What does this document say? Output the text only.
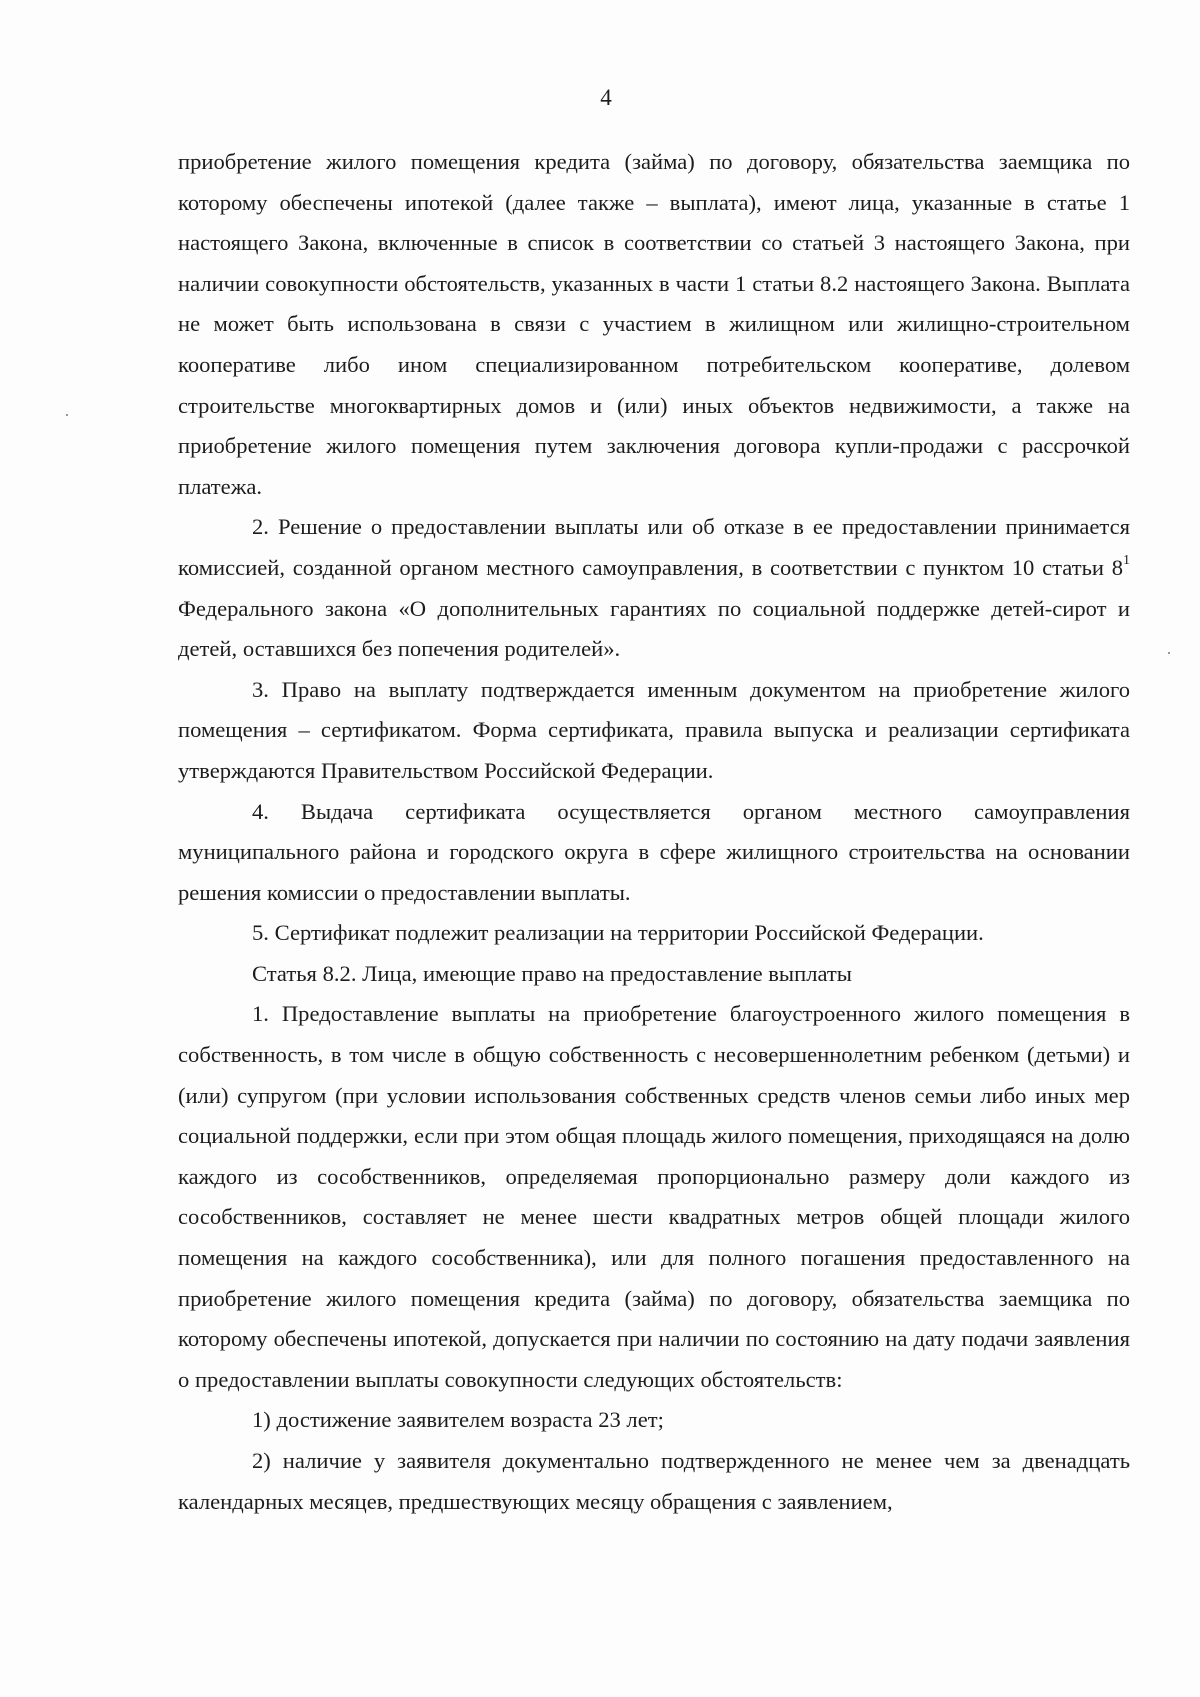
4

приобретение жилого помещения кредита (займа) по договору, обязательства заемщика по которому обеспечены ипотекой (далее также – выплата), имеют лица, указанные в статье 1 настоящего Закона, включенные в список в соответствии со статьей 3 настоящего Закона, при наличии совокупности обстоятельств, указанных в части 1 статьи 8.2 настоящего Закона. Выплата не может быть использована в связи с участием в жилищном или жилищно-строительном кооперативе либо ином специализированном потребительском кооперативе, долевом строительстве многоквартирных домов и (или) иных объектов недвижимости, а также на приобретение жилого помещения путем заключения договора купли-продажи с рассрочкой платежа.

2. Решение о предоставлении выплаты или об отказе в ее предоставлении принимается комиссией, созданной органом местного самоуправления, в соответствии с пунктом 10 статьи $8^1$ Федерального закона «О дополнительных гарантиях по социальной поддержке детей-сирот и детей, оставшихся без попечения родителей».

3. Право на выплату подтверждается именным документом на приобретение жилого помещения – сертификатом. Форма сертификата, правила выпуска и реализации сертификата утверждаются Правительством Российской Федерации.

4. Выдача сертификата осуществляется органом местного самоуправления муниципального района и городского округа в сфере жилищного строительства на основании решения комиссии о предоставлении выплаты.

5. Сертификат подлежит реализации на территории Российской Федерации.

Статья 8.2. Лица, имеющие право на предоставление выплаты

1. Предоставление выплаты на приобретение благоустроенного жилого помещения в собственность, в том числе в общую собственность с несовершеннолетним ребенком (детьми) и (или) супругом (при условии использования собственных средств членов семьи либо иных мер социальной поддержки, если при этом общая площадь жилого помещения, приходящаяся на долю каждого из сособственников, определяемая пропорционально размеру доли каждого из сособственников, составляет не менее шести квадратных метров общей площади жилого помещения на каждого сособственника), или для полного погашения предоставленного на приобретение жилого помещения кредита (займа) по договору, обязательства заемщика по которому обеспечены ипотекой, допускается при наличии по состоянию на дату подачи заявления о предоставлении выплаты совокупности следующих обстоятельств:

1) достижение заявителем возраста 23 лет;

2) наличие у заявителя документально подтвержденного не менее чем за двенадцать календарных месяцев, предшествующих месяцу обращения с заявлением,
